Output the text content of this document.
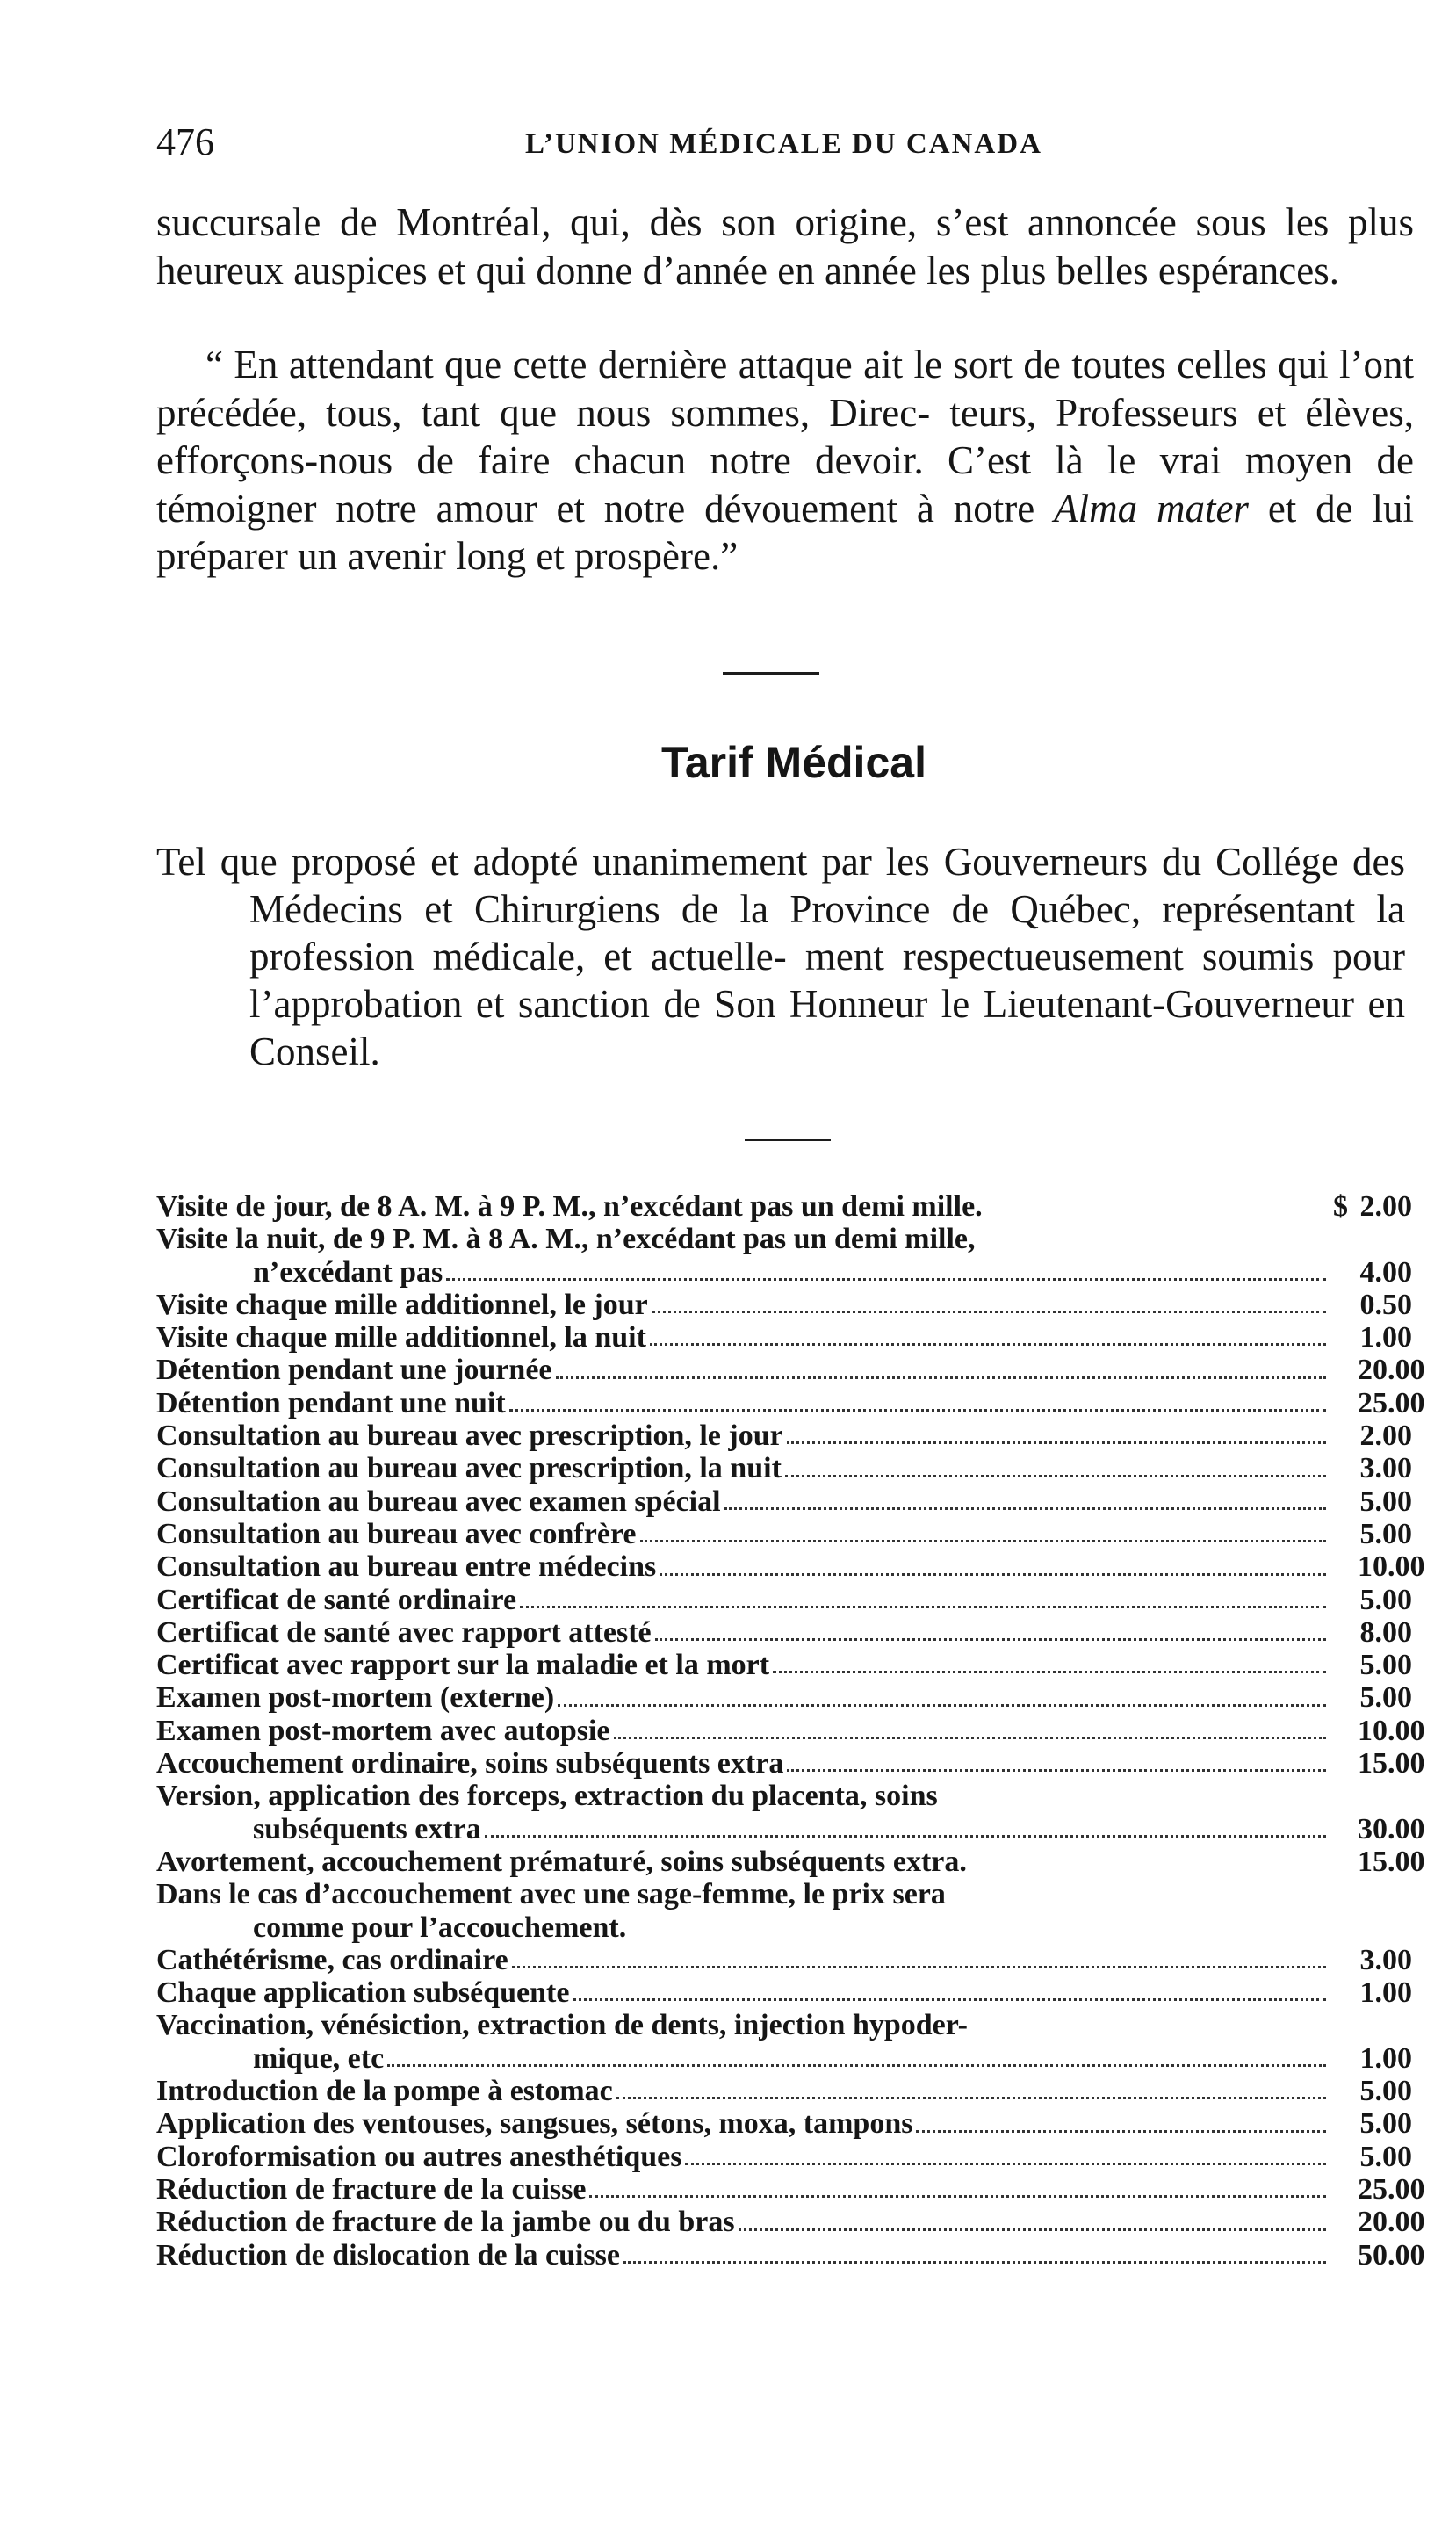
476	L’UNION MÉDICALE DU CANADA

succursale de Montréal, qui, dès son origine, s’est annoncée sous les plus heureux auspices et qui donne d’année en année les plus belles espérances.

“ En attendant que cette dernière attaque ait le sort de toutes celles qui l’ont précédée, tous, tant que nous sommes, Direc- teurs, Professeurs et élèves, efforçons-nous de faire chacun notre devoir. C’est là le vrai moyen de témoigner notre amour et notre dévouement à notre Alma mater et de lui préparer un avenir long et prospère.”

Tarif Médical
Tel que proposé et adopté unanimement par les Gouverneurs du Collége des Médecins et Chirurgiens de la Province de Québec, représentant la profession médicale, et actuelle- ment respectueusement soumis pour l’approbation et sanction de Son Honneur le Lieutenant-Gouverneur en Conseil.
Visite de jour, de 8 A. M. à 9 P. M., n’excédant pas un demi mille.	$ 2.00
Visite la nuit, de 9 P. M. à 8 A. M., n’excédant pas un demi mille,
n’excédant pas	4.00
Visite chaque mille additionnel, le jour	0.50
Visite chaque mille additionnel, la nuit	1.00
Détention pendant une journée	20.00
Détention pendant une nuit	25.00
Consultation au bureau avec prescription, le jour	2.00
Consultation au bureau avec prescription, la nuit	3.00
Consultation au bureau avec examen spécial	5.00
Consultation au bureau avec confrère	5.00
Consultation au bureau entre médecins	10.00
Certificat de santé ordinaire	5.00
Certificat de santé avec rapport attesté	8.00
Certificat avec rapport sur la maladie et la mort	5.00
Examen post-mortem (externe)	5.00
Examen post-mortem avec autopsie	10.00
Accouchement ordinaire, soins subséquents extra	15.00
Version, application des forceps, extraction du placenta, soins
subséquents extra	30.00
Avortement, accouchement prématuré, soins subséquents extra.	15.00
Dans le cas d’accouchement avec une sage-femme, le prix sera
comme pour l’accouchement.
Cathétérisme, cas ordinaire	3.00
Chaque application subséquente	1.00
Vaccination, vénésiction, extraction de dents, injection hypoder-
mique, etc	1.00
Introduction de la pompe à estomac	5.00
Application des ventouses, sangsues, sétons, moxa, tampons	5.00
Cloroformisation ou autres anesthétiques	5.00
Réduction de fracture de la cuisse	25.00
Réduction de fracture de la jambe ou du bras	20.00
Réduction de dislocation de la cuisse	50.00
